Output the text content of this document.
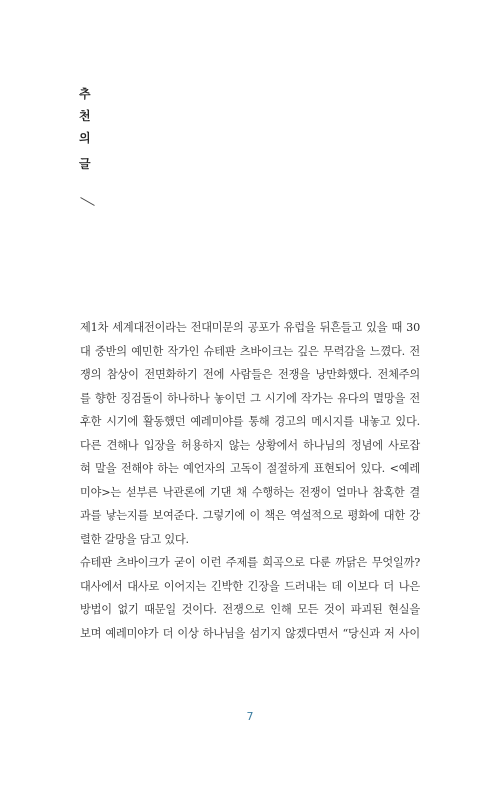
추
천
의
글
제1차 세계대전이라는 전대미문의 공포가 유럽을 뒤흔들고 있을 때 30
대 중반의 예민한 작가인 슈테판 츠바이크는 깊은 무력감을 느꼈다. 전
쟁의 참상이 전면화하기 전에 사람들은 전쟁을 낭만화했다. 전체주의
를 향한 징검돌이 하나하나 놓이던 그 시기에 작가는 유다의 멸망을 전
후한 시기에 활동했던 예레미야를 통해 경고의 메시지를 내놓고 있다.
다른 견해나 입장을 허용하지 않는 상황에서 하나님의 정념에 사로잡
혀 말을 전해야 하는 예언자의 고독이 절절하게 표현되어 있다. <예레
미야>는 섣부른 낙관론에 기댄 채 수행하는 전쟁이 얼마나 참혹한 결
과를 낳는지를 보여준다. 그렇기에 이 책은 역설적으로 평화에 대한 강
렬한 갈망을 담고 있다.
슈테판 츠바이크가 굳이 이런 주제를 희곡으로 다룬 까닭은 무엇일까?
대사에서 대사로 이어지는 긴박한 긴장을 드러내는 데 이보다 더 나은
방법이 없기 때문일 것이다. 전쟁으로 인해 모든 것이 파괴된 현실을
보며 예레미야가 더 이상 하나님을 섬기지 않겠다면서 “당신과 저 사이
7
